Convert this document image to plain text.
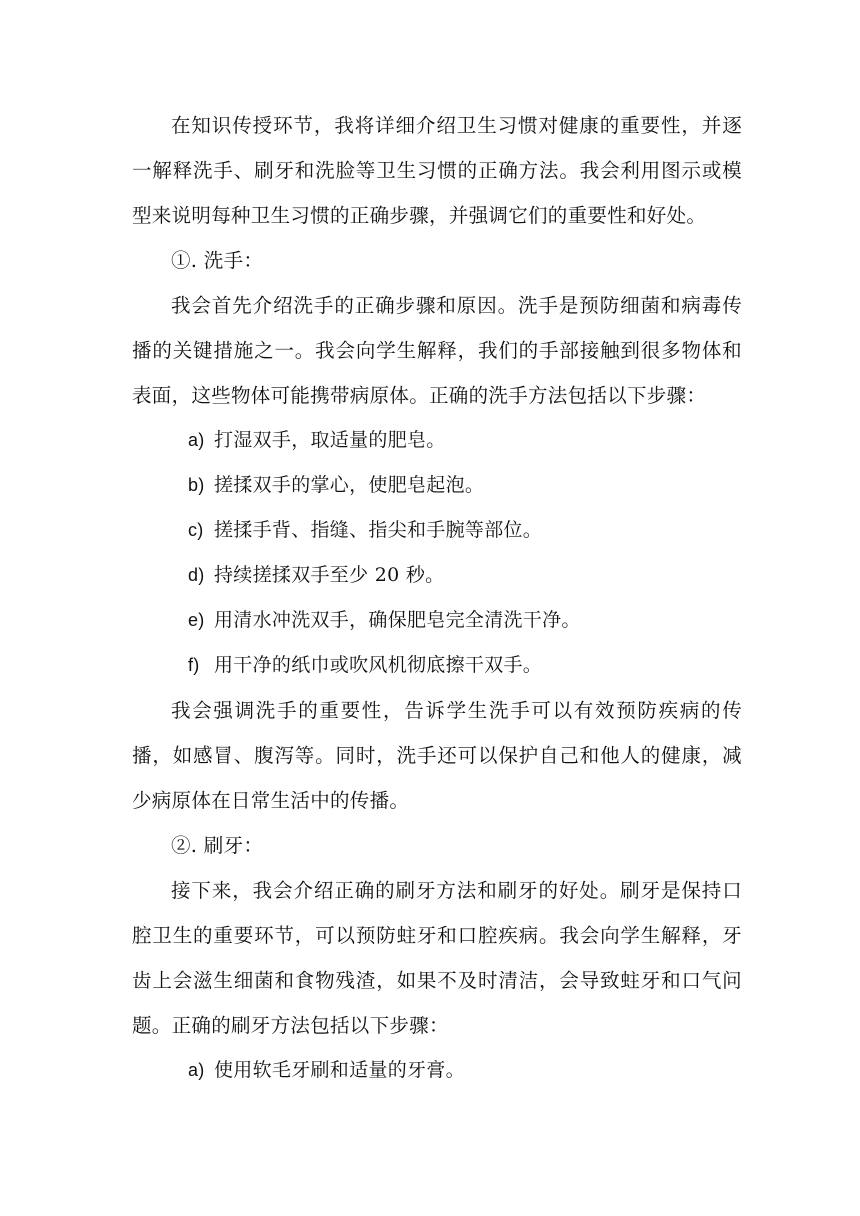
在知识传授环节，我将详细介绍卫生习惯对健康的重要性，并逐一解释洗手、刷牙和洗脸等卫生习惯的正确方法。我会利用图示或模型来说明每种卫生习惯的正确步骤，并强调它们的重要性和好处。

①. 洗手：

我会首先介绍洗手的正确步骤和原因。洗手是预防细菌和病毒传播的关键措施之一。我会向学生解释，我们的手部接触到很多物体和表面，这些物体可能携带病原体。正确的洗手方法包括以下步骤：

a) 打湿双手，取适量的肥皂。
b) 搓揉双手的掌心，使肥皂起泡。
c) 搓揉手背、指缝、指尖和手腕等部位。
d) 持续搓揉双手至少 20 秒。
e) 用清水冲洗双手，确保肥皂完全清洗干净。
f) 用干净的纸巾或吹风机彻底擦干双手。

我会强调洗手的重要性，告诉学生洗手可以有效预防疾病的传播，如感冒、腹泻等。同时，洗手还可以保护自己和他人的健康，减少病原体在日常生活中的传播。

②. 刷牙：

接下来，我会介绍正确的刷牙方法和刷牙的好处。刷牙是保持口腔卫生的重要环节，可以预防蛀牙和口腔疾病。我会向学生解释，牙齿上会滋生细菌和食物残渣，如果不及时清洁，会导致蛀牙和口气问题。正确的刷牙方法包括以下步骤：

a) 使用软毛牙刷和适量的牙膏。
